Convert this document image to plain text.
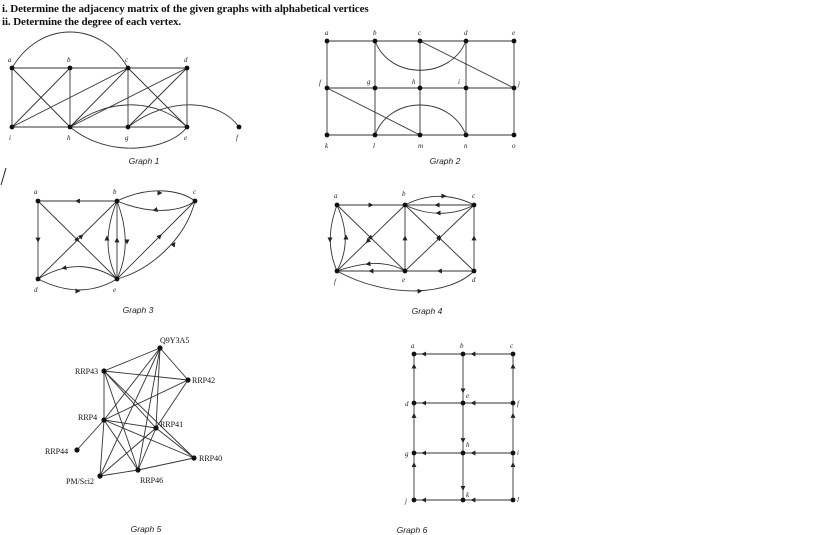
i. Determine the adjacency matrix of the given graphs with alphabetical vertices
ii. Determine the degree of each vertex.
a	b	c	d
i	h	g	e	f
Graph 1
a	b	c	d	e
f	g	h	i	j
k	l	m	n	o
Graph 2
a	b	c
d	e
Graph 3
a	b	c
f	e	d
Graph 4
Q9Y3A5
RRP43
RRP42
RRP4
RRP41
RRP44
RRP40
PM/Sci2	RRP46
Graph 5
a	b	c
d
e
f
g
h
i
j
k
l
Graph 6
